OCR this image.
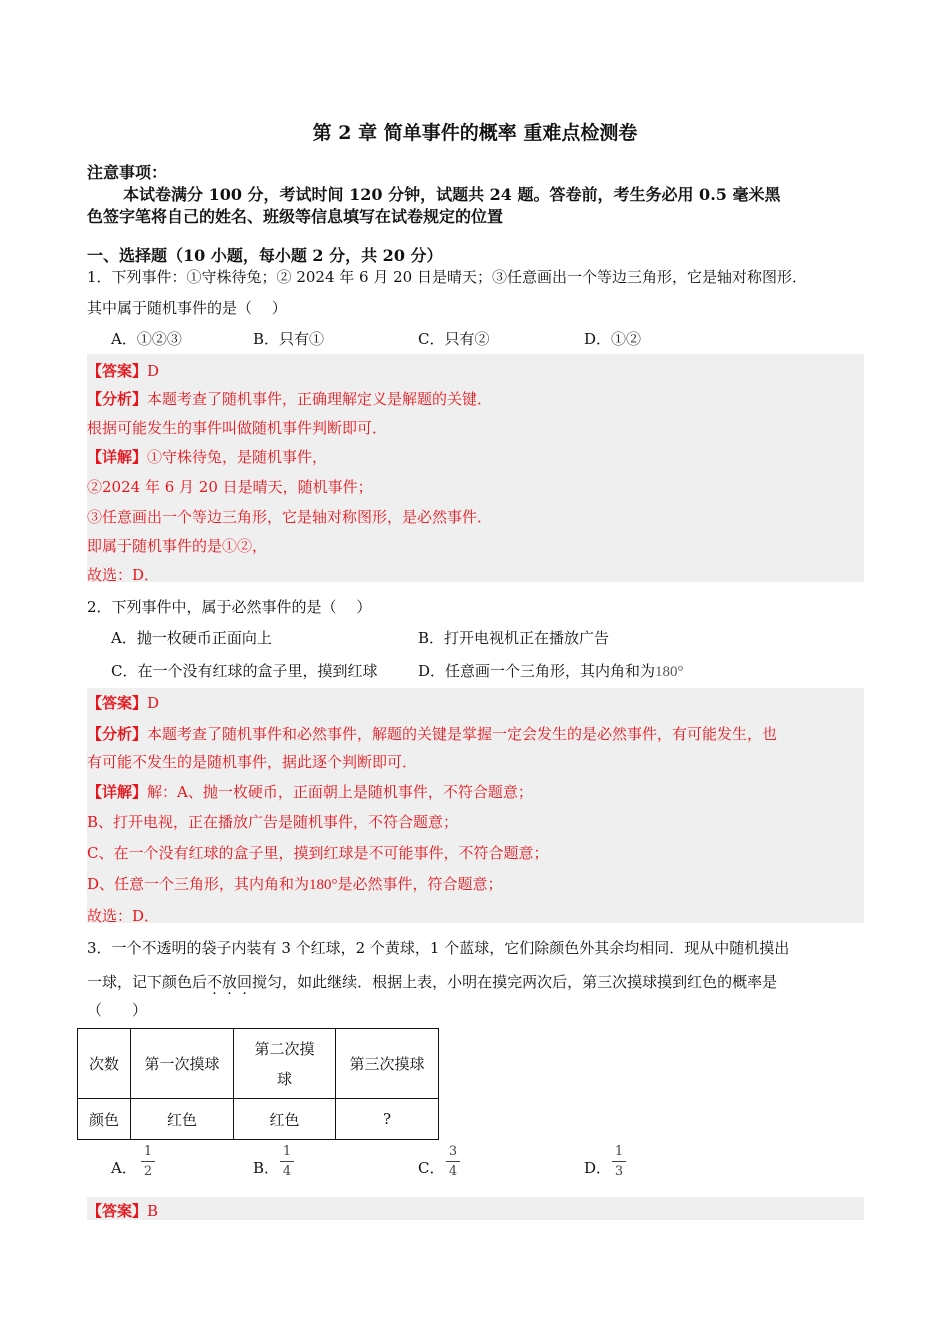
第 2 章 简单事件的概率 重难点检测卷
注意事项：
本试卷满分 100 分，考试时间 120 分钟，试题共 24 题。答卷前，考生务必用 0.5 毫米黑
色签字笔将自己的姓名、班级等信息填写在试卷规定的位置
一、选择题（10 小题，每小题 2 分，共 20 分）
1．下列事件：①守株待兔；② 2024 年 6 月 20 日是晴天；③任意画出一个等边三角形，它是轴对称图形．
其中属于随机事件的是（　 ）
A．①②③	B．只有①	C．只有②	D．①②
【答案】D
【分析】本题考查了随机事件，正确理解定义是解题的关键．
根据可能发生的事件叫做随机事件判断即可．
【详解】①守株待兔，是随机事件，
②2024 年 6 月 20 日是晴天，随机事件；
③任意画出一个等边三角形，它是轴对称图形，是必然事件．
即属于随机事件的是①②，
故选：D．
2．下列事件中，属于必然事件的是（　 ）
A．抛一枚硬币正面向上	B．打开电视机正在播放广告
C．在一个没有红球的盒子里，摸到红球	D．任意画一个三角形，其内角和为180°
【答案】D
【分析】本题考查了随机事件和必然事件，解题的关键是掌握一定会发生的是必然事件，有可能发生，也
有可能不发生的是随机事件，据此逐个判断即可．
【详解】解：A、抛一枚硬币，正面朝上是随机事件，不符合题意；
B、打开电视，正在播放广告是随机事件，不符合题意；
C、在一个没有红球的盒子里，摸到红球是不可能事件，不符合题意；
D、任意一个三角形，其内角和为180°是必然事件，符合题意；
故选：D．
3．一个不透明的袋子内装有 3 个红球，2 个黄球，1 个蓝球，它们除颜色外其余均相同．现从中随机摸出
一球，记下颜色后不放回搅匀，如此继续．根据上表，小明在摸完两次后，第三次摸球摸到红色的概率是
（　　）
次数	第一次摸球	第二次摸
球	第三次摸球
颜色	红色	红色	?
A．
1
2	B．
1
4	C．
3
4	D．
1
3
【答案】B
